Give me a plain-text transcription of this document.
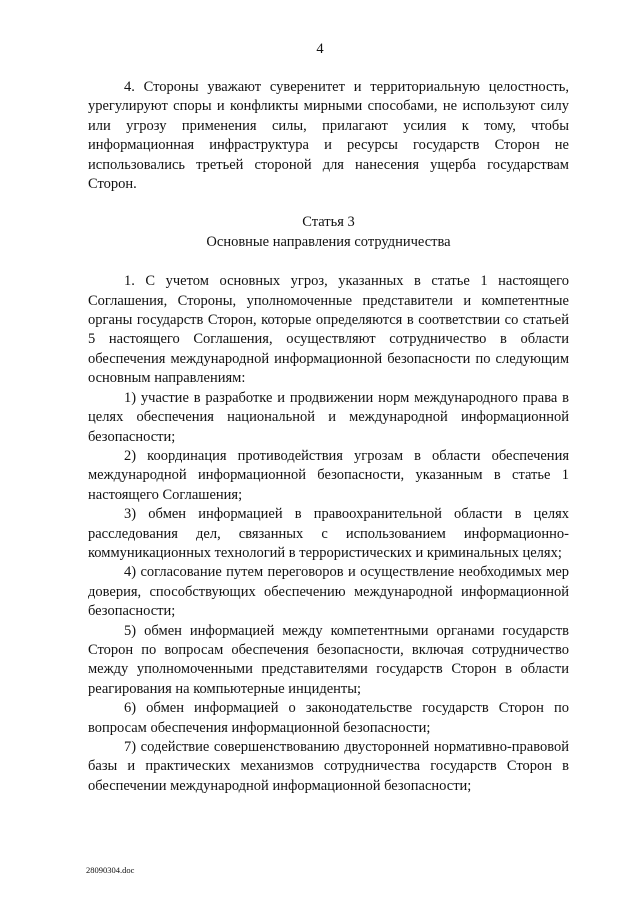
4

4. Стороны уважают суверенитет и территориальную целостность, урегулируют споры и конфликты мирными способами, не используют силу или угрозу применения силы, прилагают усилия к тому, чтобы информационная инфраструктура и ресурсы государств Сторон не использовались третьей стороной для нанесения ущерба государствам Сторон.

Статья 3

Основные направления сотрудничества

1. С учетом основных угроз, указанных в статье 1 настоящего Соглашения, Стороны, уполномоченные представители и компетентные органы государств Сторон, которые определяются в соответствии со статьей 5 настоящего Соглашения, осуществляют сотрудничество в области обеспечения международной информационной безопасности по следующим основным направлениям:

1) участие в разработке и продвижении норм международного права в целях обеспечения национальной и международной информационной безопасности;

2) координация противодействия угрозам в области обеспечения международной информационной безопасности, указанным в статье 1 настоящего Соглашения;

3) обмен информацией в правоохранительной области в целях расследования дел, связанных с использованием информационно-коммуникационных технологий в террористических и криминальных целях;

4) согласование путем переговоров и осуществление необходимых мер доверия, способствующих обеспечению международной информационной безопасности;

5) обмен информацией между компетентными органами государств Сторон по вопросам обеспечения безопасности, включая сотрудничество между уполномоченными представителями государств Сторон в области реагирования на компьютерные инциденты;

6) обмен информацией о законодательстве государств Сторон по вопросам обеспечения информационной безопасности;

7) содействие совершенствованию двусторонней нормативно-правовой базы и практических механизмов сотрудничества государств Сторон в обеспечении международной информационной безопасности;

28090304.doc
